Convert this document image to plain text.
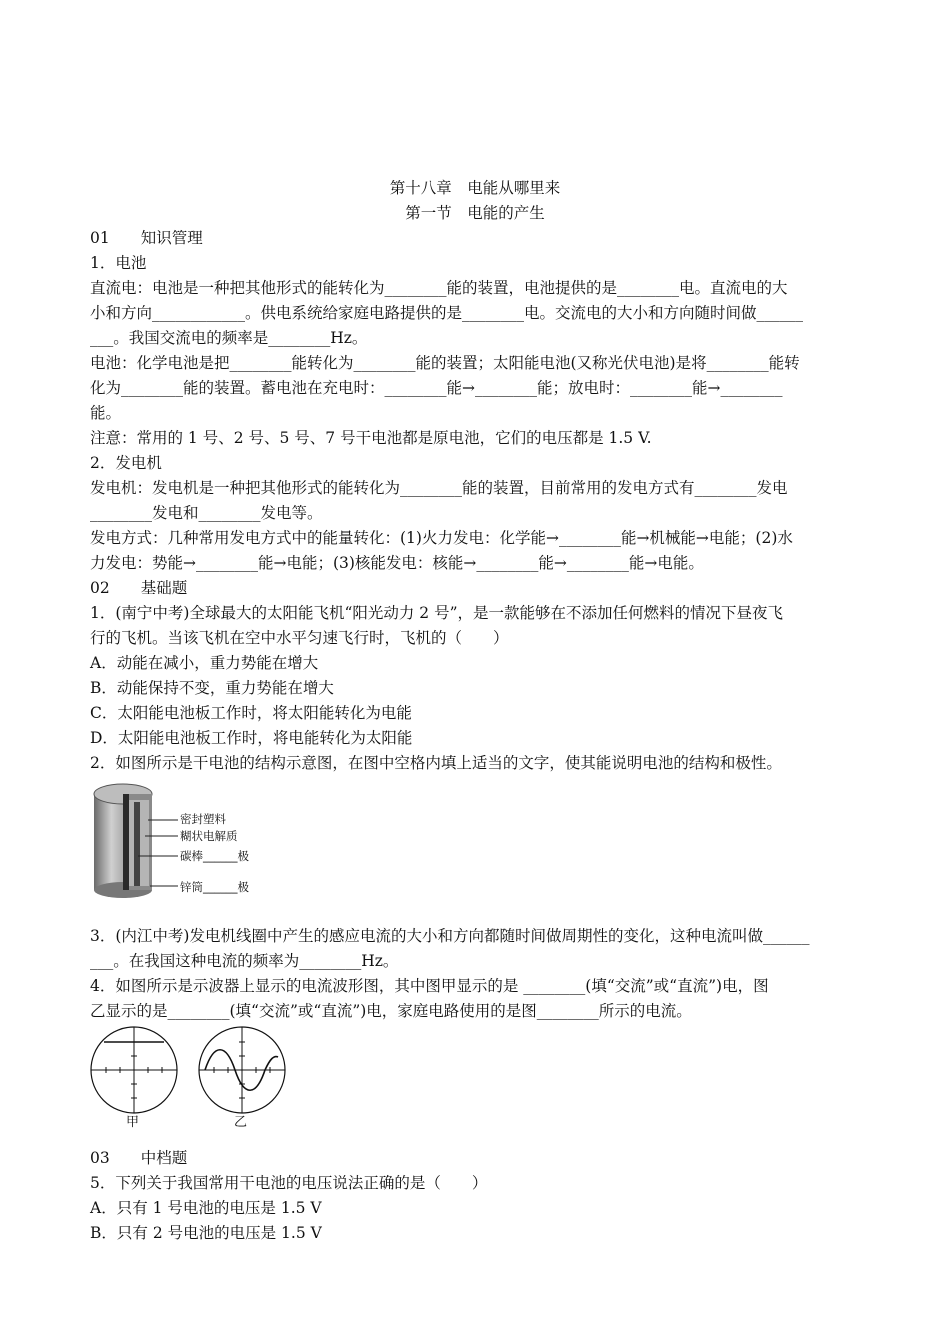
第十八章　电能从哪里来
第一节　电能的产生
01　　知识管理
1．电池
直流电：电池是一种把其他形式的能转化为________能的装置，电池提供的是________电。直流电的大
小和方向____________。供电系统给家庭电路提供的是________电。交流电的大小和方向随时间做______
___。我国交流电的频率是________Hz。
电池：化学电池是把________能转化为________能的装置；太阳能电池(又称光伏电池)是将________能转
化为________能的装置。蓄电池在充电时：________能→________能；放电时：________能→________
能。
注意：常用的 1 号、2 号、5 号、7 号干电池都是原电池，它们的电压都是 1.5 V.
2．发电机
发电机：发电机是一种把其他形式的能转化为________能的装置，目前常用的发电方式有________发电
________发电和________发电等。
发电方式：几种常用发电方式中的能量转化：(1)火力发电：化学能→________能→机械能→电能；(2)水
力发电：势能→________能→电能；(3)核能发电：核能→________能→________能→电能。
02　　基础题
1．(南宁中考)全球最大的太阳能飞机“阳光动力 2 号”，是一款能够在不添加任何燃料的情况下昼夜飞
行的飞机。当该飞机在空中水平匀速飞行时，飞机的（　　）
A．动能在减小，重力势能在增大
B．动能保持不变，重力势能在增大
C．太阳能电池板工作时，将太阳能转化为电能
D．太阳能电池板工作时，将电能转化为太阳能
2．如图所示是干电池的结构示意图，在图中空格内填上适当的文字，使其能说明电池的结构和极性。
密封塑料
糊状电解质
碳棒______极
锌筒______极
3．(内江中考)发电机线圈中产生的感应电流的大小和方向都随时间做周期性的变化，这种电流叫做______
___。在我国这种电流的频率为________Hz。
4．如图所示是示波器上显示的电流波形图，其中图甲显示的是 ________(填“交流”或“直流”)电，图
乙显示的是________(填“交流”或“直流”)电，家庭电路使用的是图________所示的电流。
甲	乙
03　　中档题
5．下列关于我国常用干电池的电压说法正确的是（　　）
A．只有 1 号电池的电压是 1.5 V
B．只有 2 号电池的电压是 1.5 V
